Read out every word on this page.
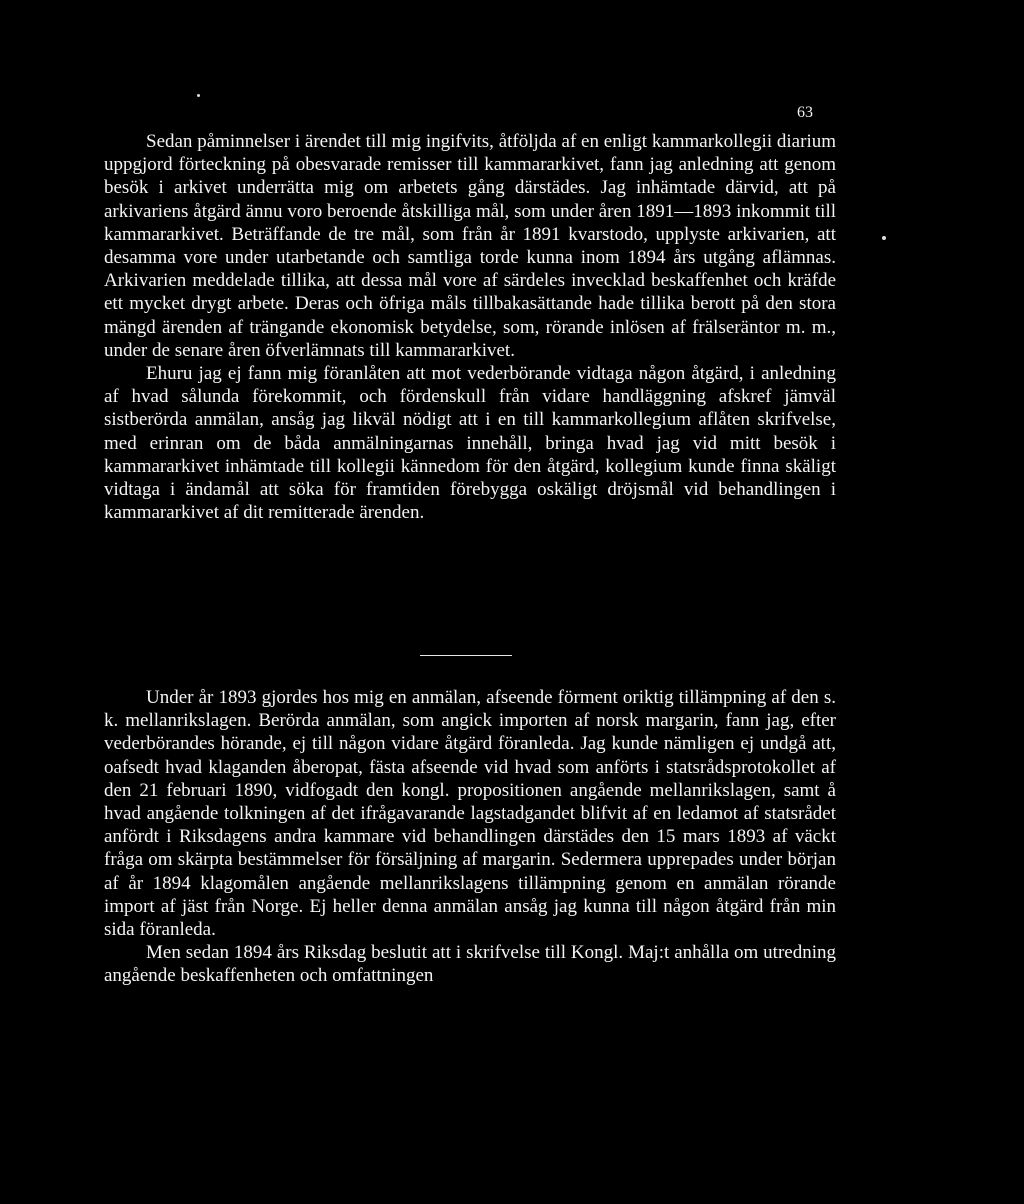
63

Sedan påminnelser i ärendet till mig ingifvits, åtföljda af en enligt kammarkollegii diarium uppgjord förteckning på obesvarade remisser till kammararkivet, fann jag anledning att genom besök i arkivet underrätta mig om arbetets gång därstädes. Jag inhämtade därvid, att på arkivariens åtgärd ännu voro beroende åtskilliga mål, som under åren 1891—1893 inkommit till kammararkivet. Beträffande de tre mål, som från år 1891 kvarstodo, upplyste arkivarien, att desamma vore under utarbetande och samtliga torde kunna inom 1894 års utgång aflämnas. Arkivarien meddelade tillika, att dessa mål vore af särdeles invecklad beskaffenhet och kräfde ett mycket drygt arbete. Deras och öfriga måls tillbakasättande hade tillika berott på den stora mängd ärenden af trängande ekonomisk betydelse, som, rörande inlösen af frälseräntor m. m., under de senare åren öfverlämnats till kammararkivet.

Ehuru jag ej fann mig föranlåten att mot vederbörande vidtaga någon åtgärd, i anledning af hvad sålunda förekommit, och fördenskull från vidare handläggning afskref jämväl sistberörda anmälan, ansåg jag likväl nödigt att i en till kammarkollegium aflåten skrifvelse, med erinran om de båda anmälningarnas innehåll, bringa hvad jag vid mitt besök i kammararkivet inhämtade till kollegii kännedom för den åtgärd, kollegium kunde finna skäligt vidtaga i ändamål att söka för framtiden förebygga oskäligt dröjsmål vid behandlingen i kammararkivet af dit remitterade ärenden.

Under år 1893 gjordes hos mig en anmälan, afseende förment oriktig tillämpning af den s. k. mellanrikslagen. Berörda anmälan, som angick importen af norsk margarin, fann jag, efter vederbörandes hörande, ej till någon vidare åtgärd föranleda. Jag kunde nämligen ej undgå att, oafsedt hvad klaganden åberopat, fästa afseende vid hvad som anförts i statsrådsprotokollet af den 21 februari 1890, vidfogadt den kongl. propositionen angående mellanrikslagen, samt å hvad angående tolkningen af det ifrågavarande lagstadgandet blifvit af en ledamot af statsrådet anfördt i Riksdagens andra kammare vid behandlingen därstädes den 15 mars 1893 af väckt fråga om skärpta bestämmelser för försäljning af margarin. Sedermera upprepades under början af år 1894 klagomålen angående mellanrikslagens tillämpning genom en anmälan rörande import af jäst från Norge. Ej heller denna anmälan ansåg jag kunna till någon åtgärd från min sida föranleda.

Men sedan 1894 års Riksdag beslutit att i skrifvelse till Kongl. Maj:t anhålla om utredning angående beskaffenheten och omfattningen
